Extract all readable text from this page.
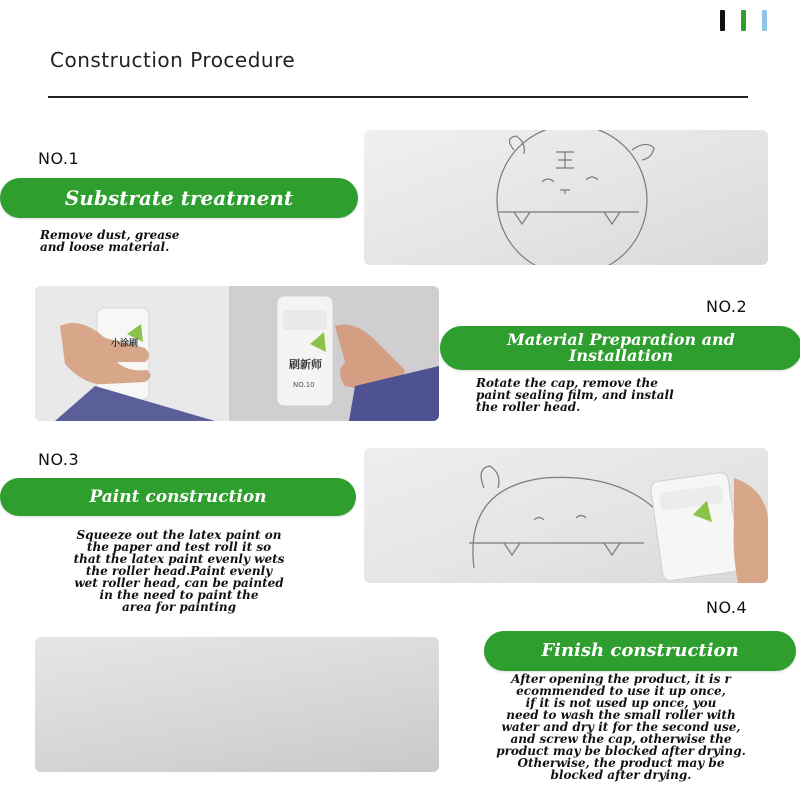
Construction Procedure
NO.1
Substrate treatment
Remove dust, grease
and loose material.
小涂刷
刷新师
NO.10
NO.2
Material Preparation and
Installation
Rotate the cap, remove the
paint sealing film, and install
the roller head.
NO.3
Paint construction
Squeeze out the latex paint on
the paper and test roll it so
that the latex paint evenly wets
the roller head.Paint evenly
wet roller head, can be painted
in the need to paint the
area for painting	NO.4
Finish construction
After opening the product, it is r
ecommended to use it up once,
if it is not used up once, you
need to wash the small roller with
water and dry it for the second use,
and screw the cap, otherwise the
product may be blocked after drying.
Otherwise, the product may be
blocked after drying.
